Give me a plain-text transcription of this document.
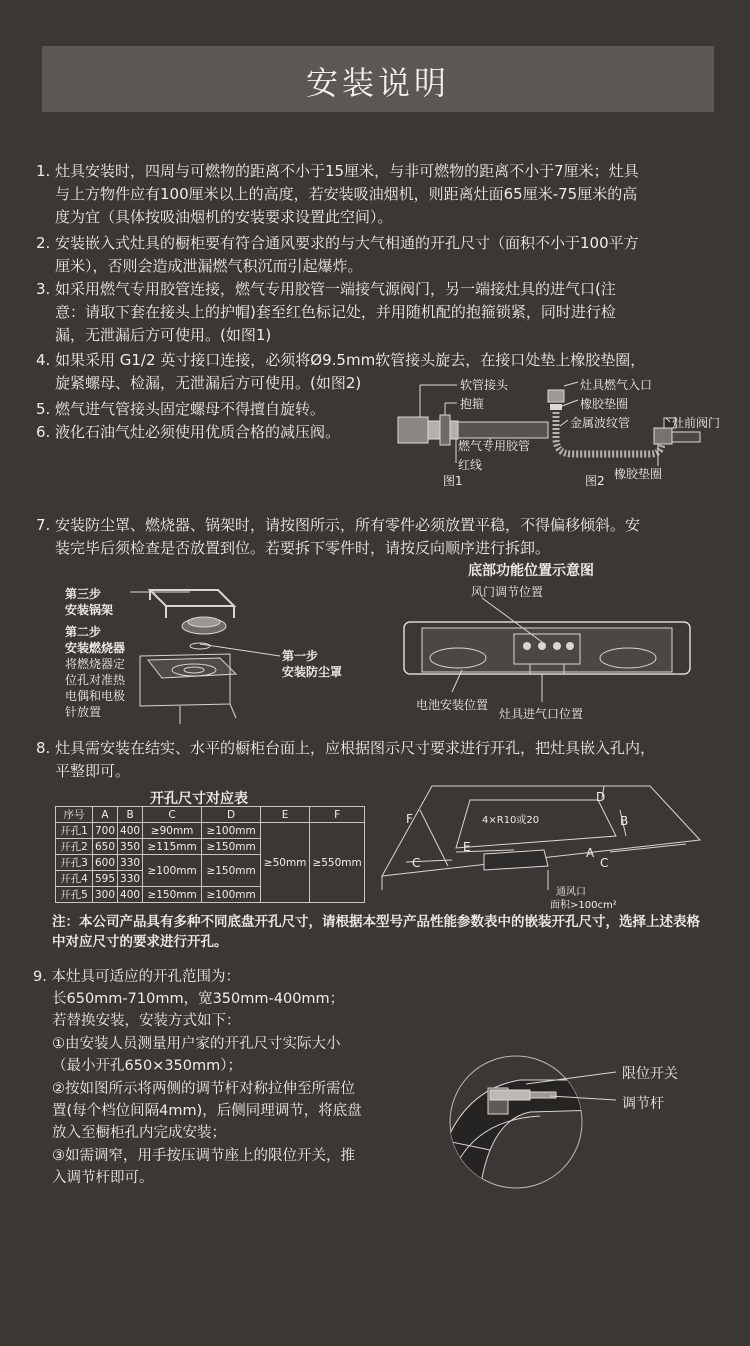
安装说明
1. 灶具安装时，四周与可燃物的距离不小于15厘米，与非可燃物的距离不小于7厘米；灶具
与上方物件应有100厘米以上的高度，若安装吸油烟机，则距离灶面65厘米-75厘米的高
度为宜（具体按吸油烟机的安装要求设置此空间）。
2. 安装嵌入式灶具的橱柜要有符合通风要求的与大气相通的开孔尺寸（面积不小于100平方
厘米），否则会造成泄漏燃气积沉而引起爆炸。
3. 如采用燃气专用胶管连接，燃气专用胶管一端接气源阀门，另一端接灶具的进气口(注
意：请取下套在接头上的护帽)套至红色标记处，并用随机配的抱箍锁紧，同时进行检
漏，无泄漏后方可使用。(如图1)
4. 如果采用 G1/2 英寸接口连接，必须将Ø9.5mm软管接头旋去，在接口处垫上橡胶垫圈，
旋紧螺母、检漏，无泄漏后方可使用。(如图2)
5. 燃气进气管接头固定螺母不得擅自旋转。
6. 液化石油气灶必须使用优质合格的减压阀。
软管接头
抱箍
燃气专用胶管
红线
图1
灶具燃气入口
橡胶垫圈
金属波纹管	灶前阀门
橡胶垫圈
图2
7. 安装防尘罩、燃烧器、锅架时，请按图所示，所有零件必须放置平稳，不得偏移倾斜。安
装完毕后须检查是否放置到位。若要拆下零件时，请按反向顺序进行拆卸。
第三步
安装锅架
第二步
安装燃烧器
将燃烧器定
位孔对准热
电偶和电极
针放置
第一步
安装防尘罩
底部功能位置示意图
风门调节位置
电池安装位置
灶具进气口位置
8. 灶具需安装在结实、水平的橱柜台面上，应根据图示尺寸要求进行开孔，把灶具嵌入孔内，
平整即可。
开孔尺寸对应表
序号	A	B	C	D	E	F
开孔1	700	400	≥90mm	≥100mm	≥50mm	≥550mm
开孔2	650	350	≥115mm	≥150mm		
开孔3	600	330	≥100mm	≥150mm		
开孔4	595	330				
开孔5	300	400	≥150mm	≥100mm		
D
B
F
A
E
C	C
4×R10或20
通风口
面积>100cm²
注：本公司产品具有多种不同底盘开孔尺寸，请根据本型号产品性能参数表中的嵌装开孔尺寸，选择上述表格中对应尺寸的要求进行开孔。
9. 本灶具可适应的开孔范围为：
长650mm-710mm，宽350mm-400mm；
若替换安装，安装方式如下：
①由安装人员测量用户家的开孔尺寸实际大小
（最小开孔650×350mm）；
②按如图所示将两侧的调节杆对称拉伸至所需位
置(每个档位间隔4mm)，后侧同理调节，将底盘
放入至橱柜孔内完成安装；
③如需调窄，用手按压调节座上的限位开关，推
入调节杆即可。
限位开关
调节杆
